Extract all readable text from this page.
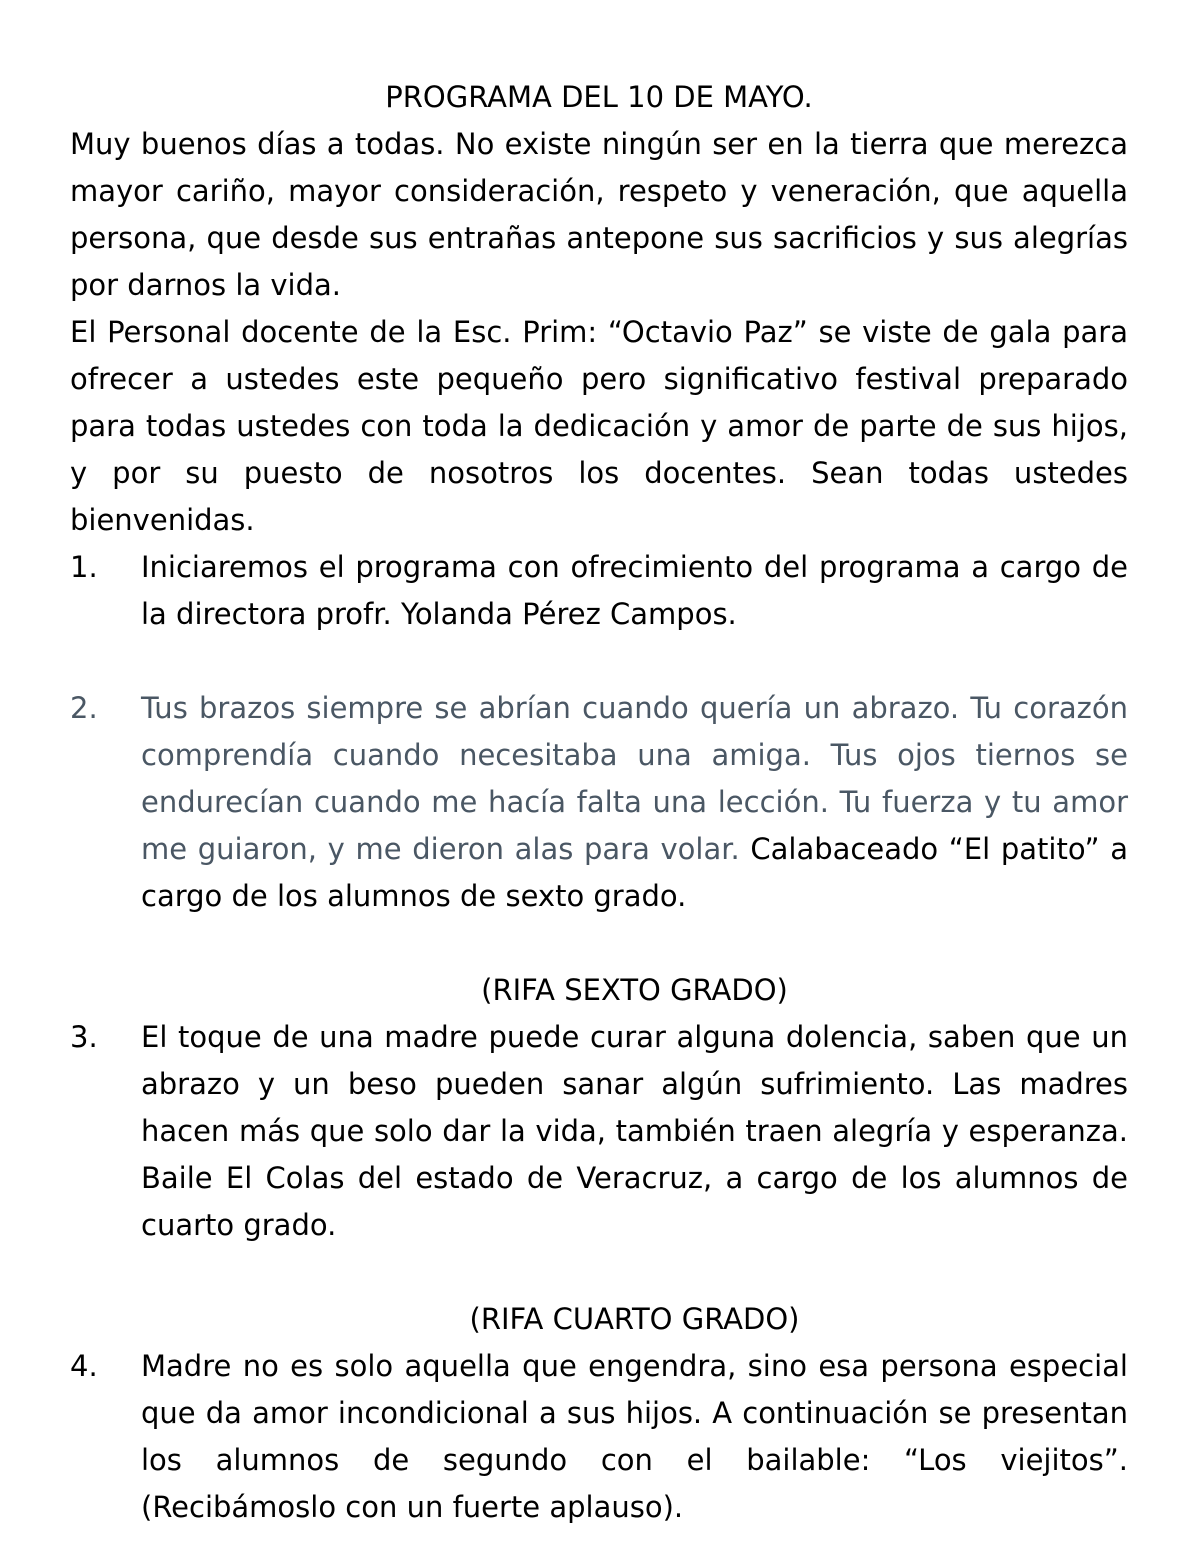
PROGRAMA DEL 10 DE MAYO.

Muy buenos días a todas. No existe ningún ser en la tierra que merezca mayor cariño, mayor consideración, respeto y veneración, que aquella persona, que desde sus entrañas antepone sus sacrificios y sus alegrías por darnos la vida.

El Personal docente de la Esc. Prim: “Octavio Paz” se viste de gala para ofrecer a ustedes este pequeño pero significativo festival preparado para todas ustedes con toda la dedicación y amor de parte de sus hijos, y por su puesto de nosotros los docentes. Sean todas ustedes bienvenidas.

1.	Iniciaremos el programa con ofrecimiento del programa a cargo de la directora profr. Yolanda Pérez Campos.
2.	Tus brazos siempre se abrían cuando quería un abrazo. Tu corazón comprendía cuando necesitaba una amiga. Tus ojos tiernos se endurecían cuando me hacía falta una lección. Tu fuerza y tu amor me guiaron, y me dieron alas para volar. Calabaceado “El patito” a cargo de los alumnos de sexto grado.
(RIFA SEXTO GRADO)
3.	El toque de una madre puede curar alguna dolencia, saben que un abrazo y un beso pueden sanar algún sufrimiento. Las madres hacen más que solo dar la vida, también traen alegría y esperanza. Baile El Colas del estado de Veracruz, a cargo de los alumnos de cuarto grado.
(RIFA CUARTO GRADO)
4.	Madre no es solo aquella que engendra, sino esa persona especial que da amor incondicional a sus hijos. A continuación se presentan los alumnos de segundo con el bailable: “Los viejitos”. (Recibámoslo con un fuerte aplauso).
